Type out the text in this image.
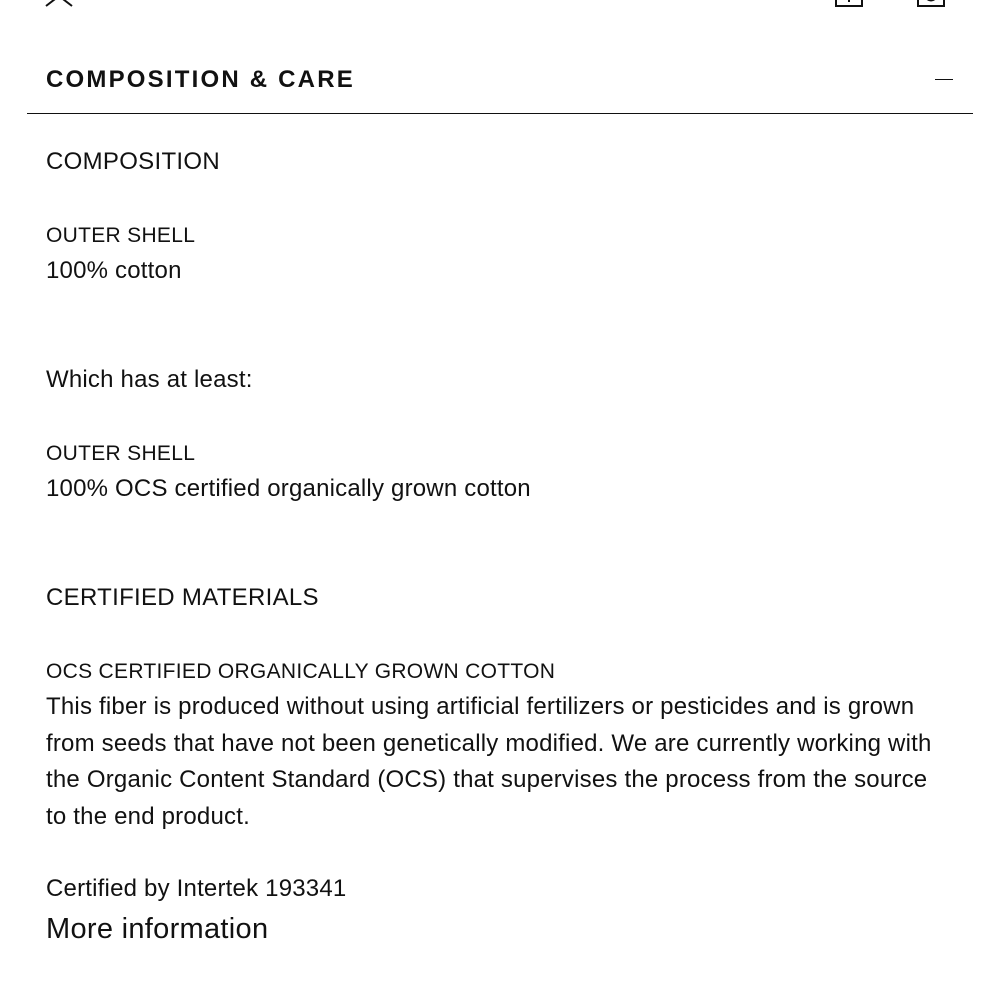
COMPOSITION & CARE

COMPOSITION

OUTER SHELL

100% cotton

Which has at least:

OUTER SHELL

100% OCS certified organically grown cotton

CERTIFIED MATERIALS

OCS CERTIFIED ORGANICALLY GROWN COTTON

This fiber is produced without using artificial fertilizers or pesticides and is grown from seeds that have not been genetically modified. We are currently working with the Organic Content Standard (OCS) that supervises the process from the source to the end product.

Certified by Intertek 193341

More information
